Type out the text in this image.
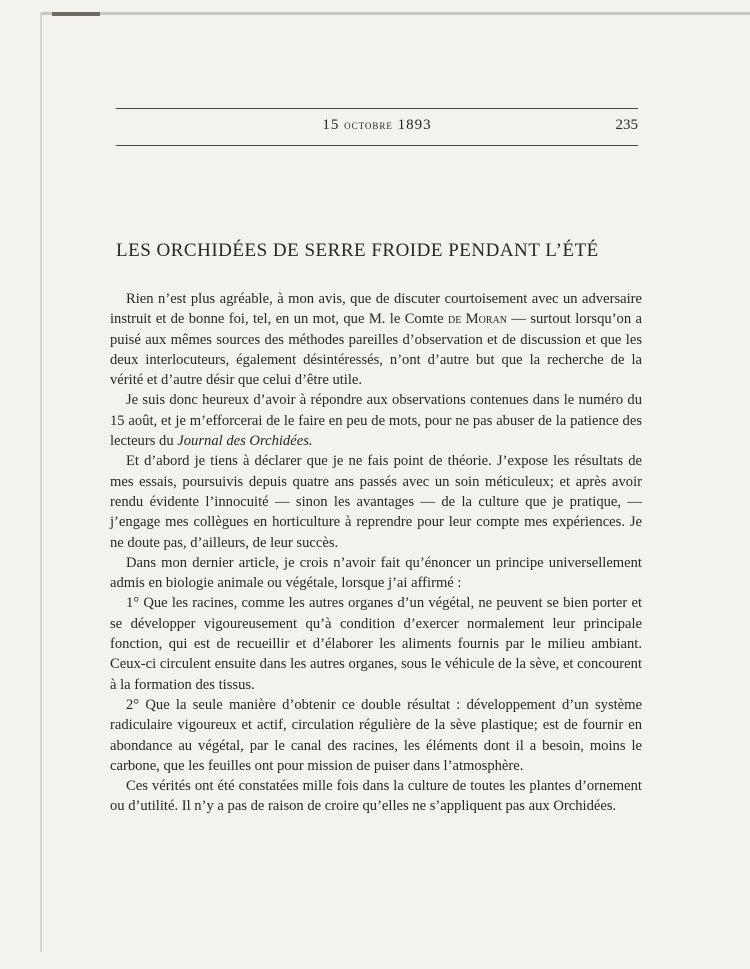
15 octobre 1893	235
LES ORCHIDÉES DE SERRE FROIDE PENDANT L’ÉTÉ

Rien n’est plus agréable, à mon avis, que de discuter courtoisement avec un adversaire instruit et de bonne foi, tel, en un mot, que M. le Comte de Moran — surtout lorsqu’on a puisé aux mêmes sources des méthodes pareilles d’observation et de discussion et que les deux interlocuteurs, également désintéressés, n’ont d’autre but que la recherche de la vérité et d’autre désir que celui d’être utile.

Je suis donc heureux d’avoir à répondre aux observations contenues dans le numéro du 15 août, et je m’efforcerai de le faire en peu de mots, pour ne pas abuser de la patience des lecteurs du Journal des Orchidées.

Et d’abord je tiens à déclarer que je ne fais point de théorie. J’expose les résultats de mes essais, poursuivis depuis quatre ans passés avec un soin méticuleux; et après avoir rendu évidente l’innocuité — sinon les avantages — de la culture que je pratique, — j’engage mes collègues en horticulture à reprendre pour leur compte mes expériences. Je ne doute pas, d’ailleurs, de leur succès.

Dans mon dernier article, je crois n’avoir fait qu’énoncer un principe universellement admis en biologie animale ou végétale, lorsque j’ai affirmé :

1° Que les racines, comme les autres organes d’un végétal, ne peuvent se bien porter et se développer vigoureusement qu’à condition d’exercer normalement leur principale fonction, qui est de recueillir et d’élaborer les aliments fournis par le milieu ambiant. Ceux-ci circulent ensuite dans les autres organes, sous le véhicule de la sève, et concourent à la formation des tissus.

2° Que la seule manière d’obtenir ce double résultat : développement d’un système radiculaire vigoureux et actif, circulation régulière de la sève plastique; est de fournir en abondance au végétal, par le canal des racines, les éléments dont il a besoin, moins le carbone, que les feuilles ont pour mission de puiser dans l’atmosphère.

Ces vérités ont été constatées mille fois dans la culture de toutes les plantes d’ornement ou d’utilité. Il n’y a pas de raison de croire qu’elles ne s’appliquent pas aux Orchidées.
